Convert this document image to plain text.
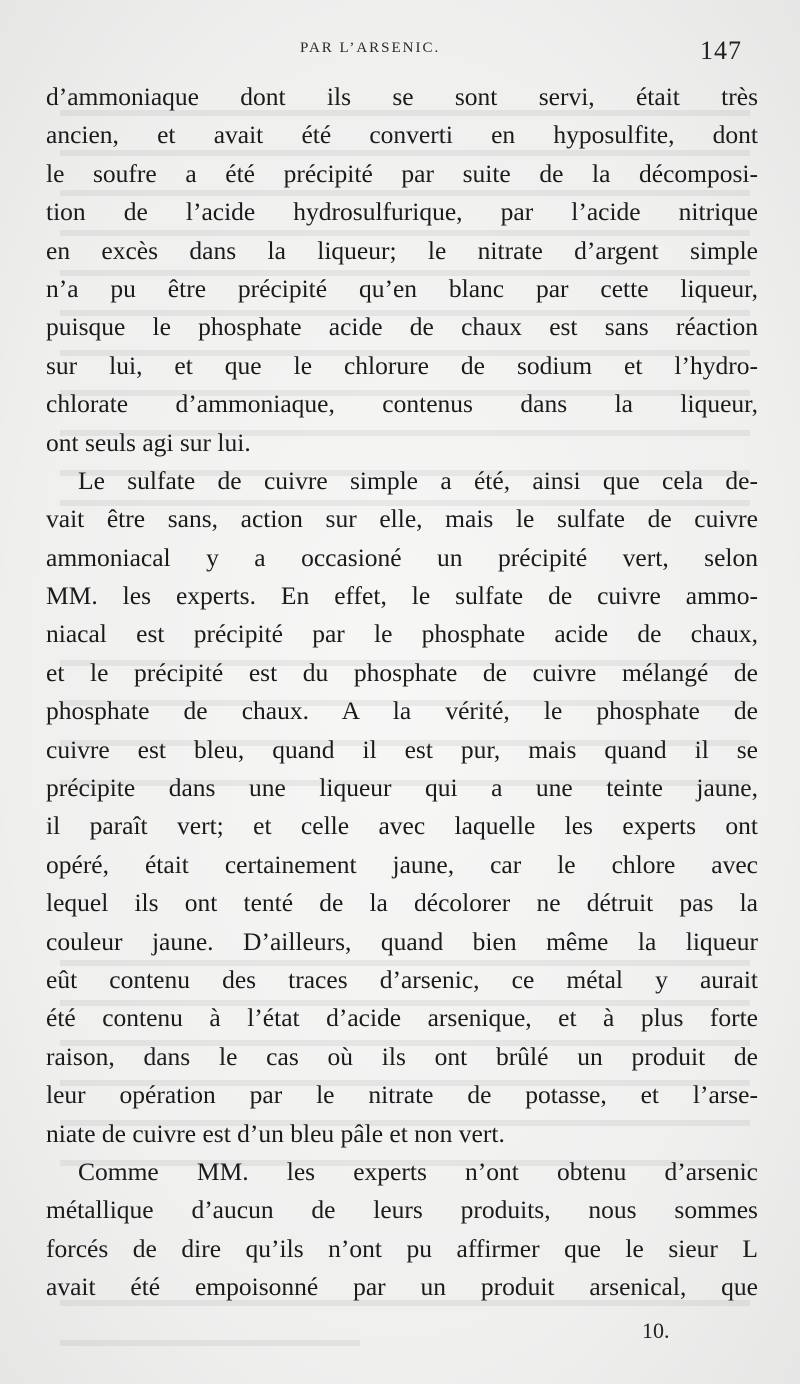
PAR L’ARSENIC.	147
d’ammoniaque dont ils se sont servi, était très
ancien, et avait été converti en hyposulfite, dont
le soufre a été précipité par suite de la décomposi-
tion de l’acide hydrosulfurique, par l’acide nitrique
en excès dans la liqueur; le nitrate d’argent simple
n’a pu être précipité qu’en blanc par cette liqueur,
puisque le phosphate acide de chaux est sans réaction
sur lui, et que le chlorure de sodium et l’hydro-
chlorate d’ammoniaque, contenus dans la liqueur,
ont seuls agi sur lui.
Le sulfate de cuivre simple a été, ainsi que cela de-
vait être sans, action sur elle, mais le sulfate de cuivre
ammoniacal y a occasioné un précipité vert, selon
MM. les experts. En effet, le sulfate de cuivre ammo-
niacal est précipité par le phosphate acide de chaux,
et le précipité est du phosphate de cuivre mélangé de
phosphate de chaux. A la vérité, le phosphate de
cuivre est bleu, quand il est pur, mais quand il se
précipite dans une liqueur qui a une teinte jaune,
il paraît vert; et celle avec laquelle les experts ont
opéré, était certainement jaune, car le chlore avec
lequel ils ont tenté de la décolorer ne détruit pas la
couleur jaune. D’ailleurs, quand bien même la liqueur
eût contenu des traces d’arsenic, ce métal y aurait
été contenu à l’état d’acide arsenique, et à plus forte
raison, dans le cas où ils ont brûlé un produit de
leur opération par le nitrate de potasse, et l’arse-
niate de cuivre est d’un bleu pâle et non vert.
Comme MM. les experts n’ont obtenu d’arsenic
métallique d’aucun de leurs produits, nous sommes
forcés de dire qu’ils n’ont pu affirmer que le sieur L
avait été empoisonné par un produit arsenical, que
10.
